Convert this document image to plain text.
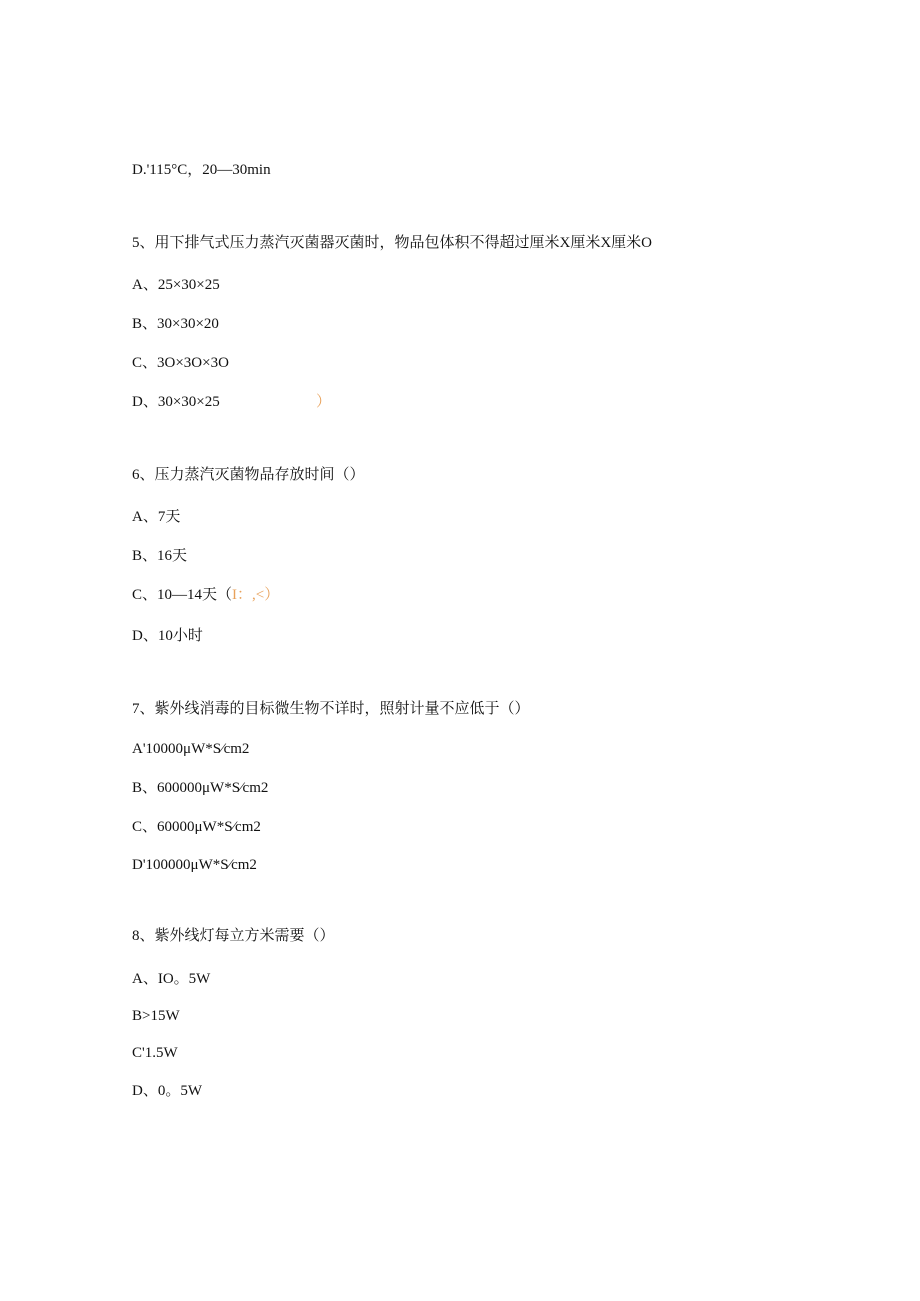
D.'115°C，20—30min
5、用下排气式压力蒸汽灭菌器灭菌时，物品包体积不得超过厘米X厘米X厘米O
A、25×30×25
B、30×30×20
C、3O×3O×3O
D、30×30×25	）
6、压力蒸汽灭菌物品存放时间（）
A、7天
B、16天
C、10—14天（I：,<）
D、10小时
7、紫外线消毒的目标微生物不详时，照射计量不应低于（）
A'10000μW*S⁄cm2
B、600000μW*S⁄cm2
C、60000μW*S⁄cm2
D'100000μW*S⁄cm2
8、紫外线灯每立方米需要（）
A、IO。5W
B>15W
C'1.5W
D、0。5W
